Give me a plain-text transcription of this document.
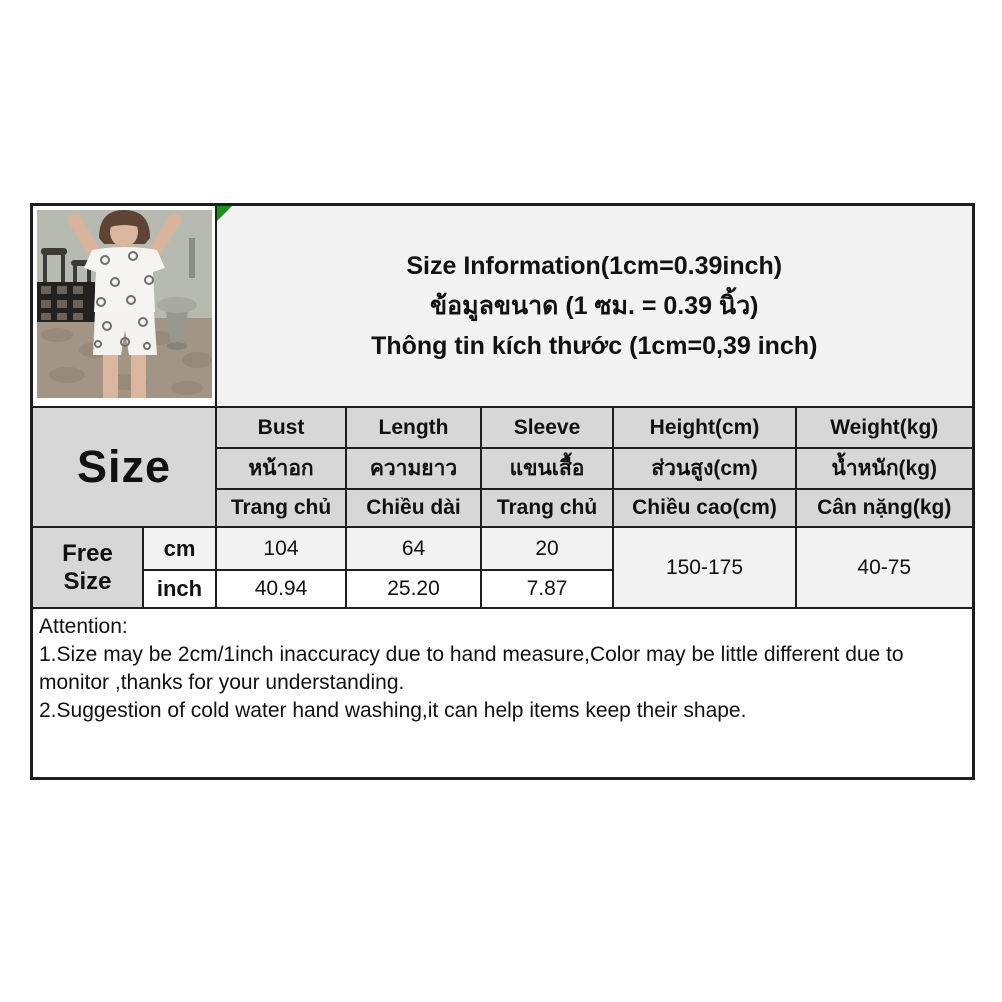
Size Information(1cm=0.39inch)
ข้อมูลขนาด (1 ซม. = 0.39 นิ้ว)
Thông tin kích thước (1cm=0,39 inch)				

Size		Bust	Length	Sleeve	Height(cm)	Weight(kg)
		หน้าอก	ความยาว	แขนเสื้อ	ส่วนสูง(cm)	น้ำหนัก(kg)
		Trang chủ	Chiều dài	Trang chủ	Chiều cao(cm)	Cân nặng(kg)
Free Size	cm	104	64	20	150-175	40-75
	inch	40.94	25.20	7.87		

Attention:
1.Size may be 2cm/1inch inaccuracy due to hand measure,Color may be little different due to monitor ,thanks for your understanding.
2.Suggestion of cold water hand washing,it can help items keep their shape.						
